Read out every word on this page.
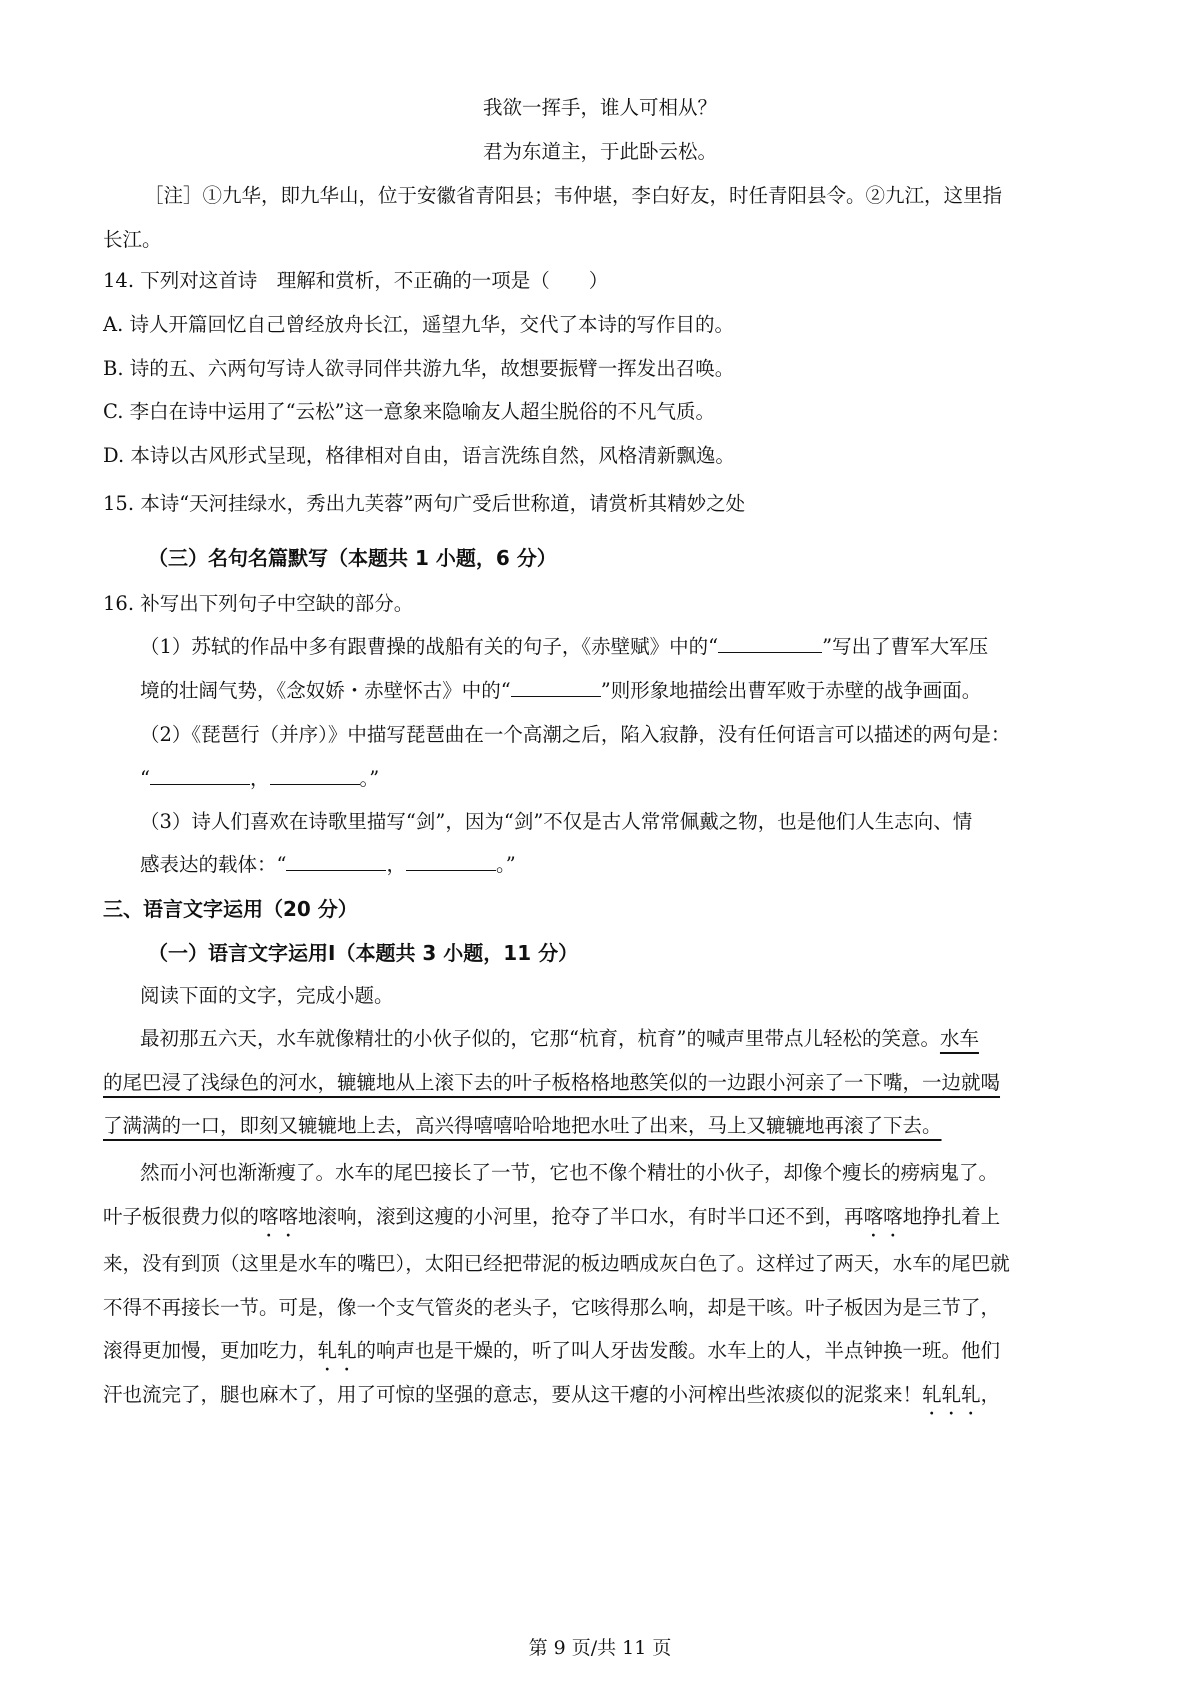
我欲一挥手，谁人可相从？
君为东道主，于此卧云松。
［注］①九华，即九华山，位于安徽省青阳县；韦仲堪，李白好友，时任青阳县令。②九江，这里指
长江。
14. 下列对这首诗　理解和赏析，不正确的一项是（　　）
A. 诗人开篇回忆自己曾经放舟长江，遥望九华，交代了本诗的写作目的。
B. 诗的五、六两句写诗人欲寻同伴共游九华，故想要振臂一挥发出召唤。
C. 李白在诗中运用了“云松”这一意象来隐喻友人超尘脱俗的不凡气质。
D. 本诗以古风形式呈现，格律相对自由，语言洗练自然，风格清新飘逸。
15. 本诗“天河挂绿水，秀出九芙蓉”两句广受后世称道，请赏析其精妙之处
（三）名句名篇默写（本题共 1 小题，6 分）
16. 补写出下列句子中空缺的部分。
（1）苏轼的作品中多有跟曹操的战船有关的句子，《赤壁赋》中的“	”写出了曹军大军压
境的壮阔气势，《念奴娇・赤壁怀古》中的“	”则形象地描绘出曹军败于赤壁的战争画面。
（2）《琵琶行（并序）》中描写琵琶曲在一个高潮之后，陷入寂静，没有任何语言可以描述的两句是：
“	，	。”
（3）诗人们喜欢在诗歌里描写“剑”，因为“剑”不仅是古人常常佩戴之物，也是他们人生志向、情
感表达的载体：“	，	。”
三、语言文字运用（20 分）
（一）语言文字运用Ⅰ（本题共 3 小题，11 分）
阅读下面的文字，完成小题。
最初那五六天，水车就像精壮的小伙子似的，它那“杭育，杭育”的喊声里带点儿轻松的笑意。水车
的尾巴浸了浅绿色的河水，辘辘地从上滚下去的叶子板格格地憨笑似的一边跟小河亲了一下嘴，一边就喝
了满满的一口，即刻又辘辘地上去，高兴得嘻嘻哈哈地把水吐了出来，马上又辘辘地再滚了下去。
然而小河也渐渐瘦了。水车的尾巴接长了一节，它也不像个精壮的小伙子，却像个瘦长的痨病鬼了。
叶子板很费力似的喀喀地滚响，滚到这瘦的小河里，抢夺了半口水，有时半口还不到，再喀喀地挣扎着上
来，没有到顶（这里是水车的嘴巴），太阳已经把带泥的板边晒成灰白色了。这样过了两天，水车的尾巴就
不得不再接长一节。可是，像一个支气管炎的老头子，它咳得那么响，却是干咳。叶子板因为是三节了，
滚得更加慢，更加吃力，轧轧的响声也是干燥的，听了叫人牙齿发酸。水车上的人，半点钟换一班。他们
汗也流完了，腿也麻木了，用了可惊的坚强的意志，要从这干瘪的小河榨出些浓痰似的泥浆来！轧轧轧，
第 9 页/共 11 页
